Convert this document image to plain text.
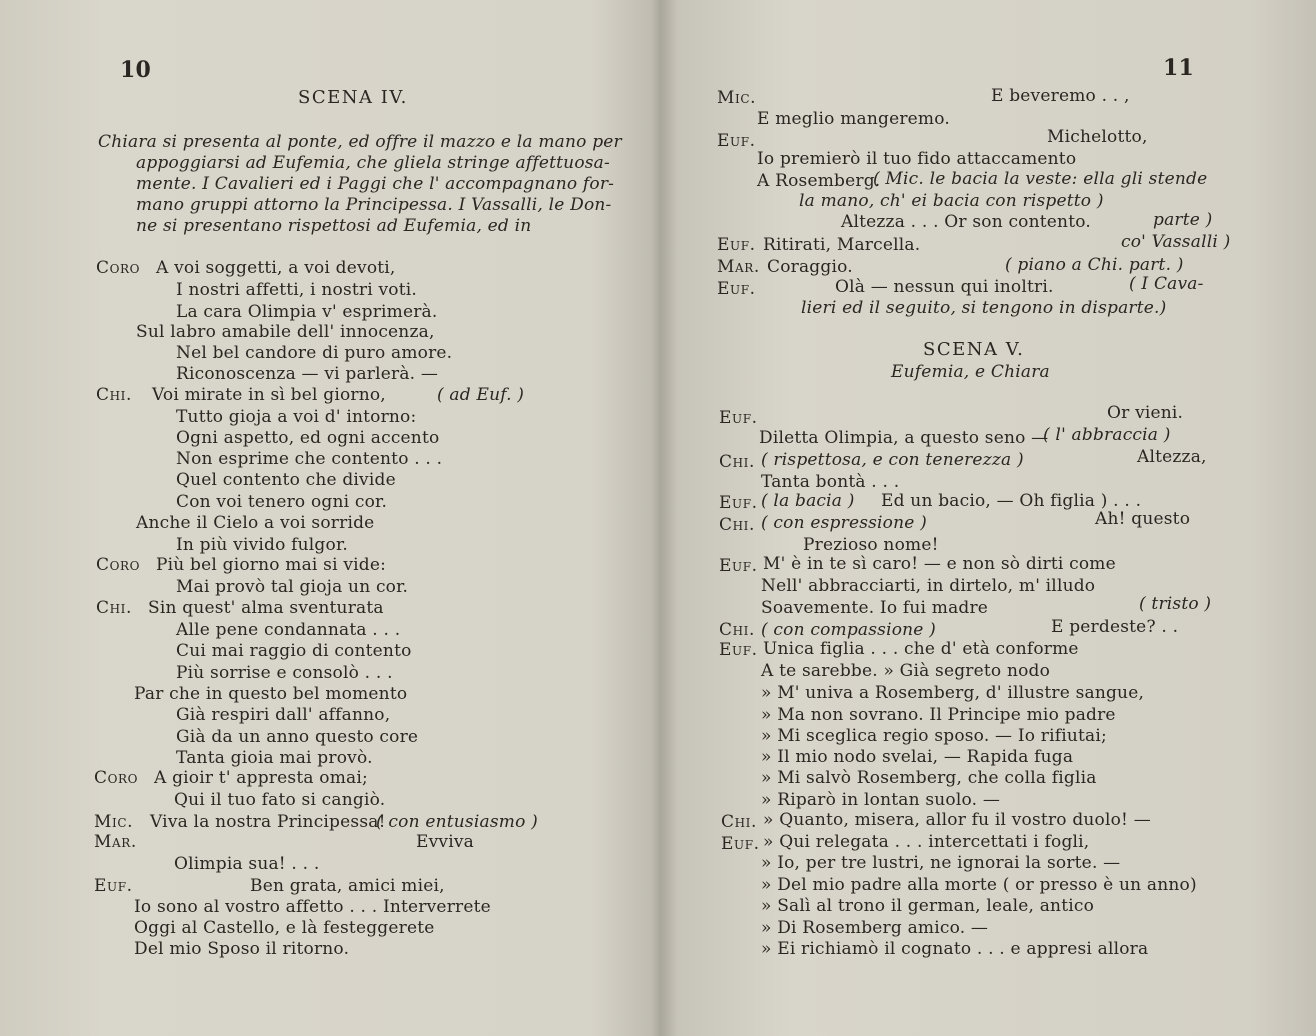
10
SCENA IV.
Chiara si presenta al ponte, ed offre il mazzo e la mano per
appoggiarsi ad Eufemia, che gliela stringe affettuosa-
mente. I Cavalieri ed i Paggi che l' accompagnano for-
mano gruppi attorno la Principessa. I Vassalli, le Don-
ne si presentano rispettosi ad Eufemia, ed in
Coro A voi soggetti, a voi devoti,
I nostri affetti, i nostri voti.
La cara Olimpia v' esprimerà.
Sul labro amabile dell' innocenza,
Nel bel candore di puro amore.
Riconoscenza — vi parlerà. —
Chi. Voi mirate in sì bel giorno,	( ad Euf. )
Tutto gioja a voi d' intorno:
Ogni aspetto, ed ogni accento
Non esprime che contento . . .
Quel contento che divide
Con voi tenero ogni cor.
Anche il Cielo a voi sorride
In più vivido fulgor.
Coro Più bel giorno mai si vide:
Mai provò tal gioja un cor.
Chi. Sin quest' alma sventurata
Alle pene condannata . . .
Cui mai raggio di contento
Più sorrise e consolò . . .
Par che in questo bel momento
Già respiri dall' affanno,
Già da un anno questo core
Tanta gioia mai provò.
Coro A gioir t' appresta omai;
Qui il tuo fato si cangiò.
Mic. Viva la nostra Principessa!
( con entusiasmo )
Mar.	Evviva
Olimpia sua! . . .
Euf.	Ben grata, amici miei,
Io sono al vostro affetto . . . Interverrete
Oggi al Castello, e là festeggerete
Del mio Sposo il ritorno.
11
Mic.	E beveremo . . ,
E meglio mangeremo.
Euf.	Michelotto,
Io premierò il tuo fido attaccamento
A Rosemberg.
( Mic. le bacia la veste: ella gli stende
la mano, ch' ei bacia con rispetto )
Altezza . . . Or son contento.	parte )
Euf. Ritirati, Marcella.	co' Vassalli )
Mar. Coraggio.	( piano a Chi. part. )
Euf.	Olà — nessun qui inoltri.	( I Cava-
lieri ed il seguito, si tengono in disparte.)
SCENA V.
Eufemia, e Chiara
Euf.	Or vieni.
Diletta Olimpia, a questo seno —
( l' abbraccia )
Chi. ( rispettosa, e con tenerezza )	Altezza,
Tanta bontà . . .
Euf. ( la bacia ) Ed un bacio, — Oh figlia ) . . .
Chi. ( con espressione )	Ah! questo
Prezioso nome!
Euf. M' è in te sì caro! — e non sò dirti come
Nell' abbracciarti, in dirtelo, m' illudo
Soavemente. Io fui madre	( tristo )
Chi. ( con compassione )	E perdeste? . .
Euf. Unica figlia . . . che d' età conforme
A te sarebbe. » Già segreto nodo
» M' univa a Rosemberg, d' illustre sangue,
» Ma non sovrano. Il Principe mio padre
» Mi sceglica regio sposo. — Io rifiutai;
» Il mio nodo svelai, — Rapida fuga
» Mi salvò Rosemberg, che colla figlia
» Riparò in lontan suolo. —
Chi. » Quanto, misera, allor fu il vostro duolo! —
Euf. » Qui relegata . . . intercettati i fogli,
» Io, per tre lustri, ne ignorai la sorte. —
» Del mio padre alla morte ( or presso è un anno)
» Salì al trono il german, leale, antico
» Di Rosemberg amico. —
» Ei richiamò il cognato . . . e appresi allora
